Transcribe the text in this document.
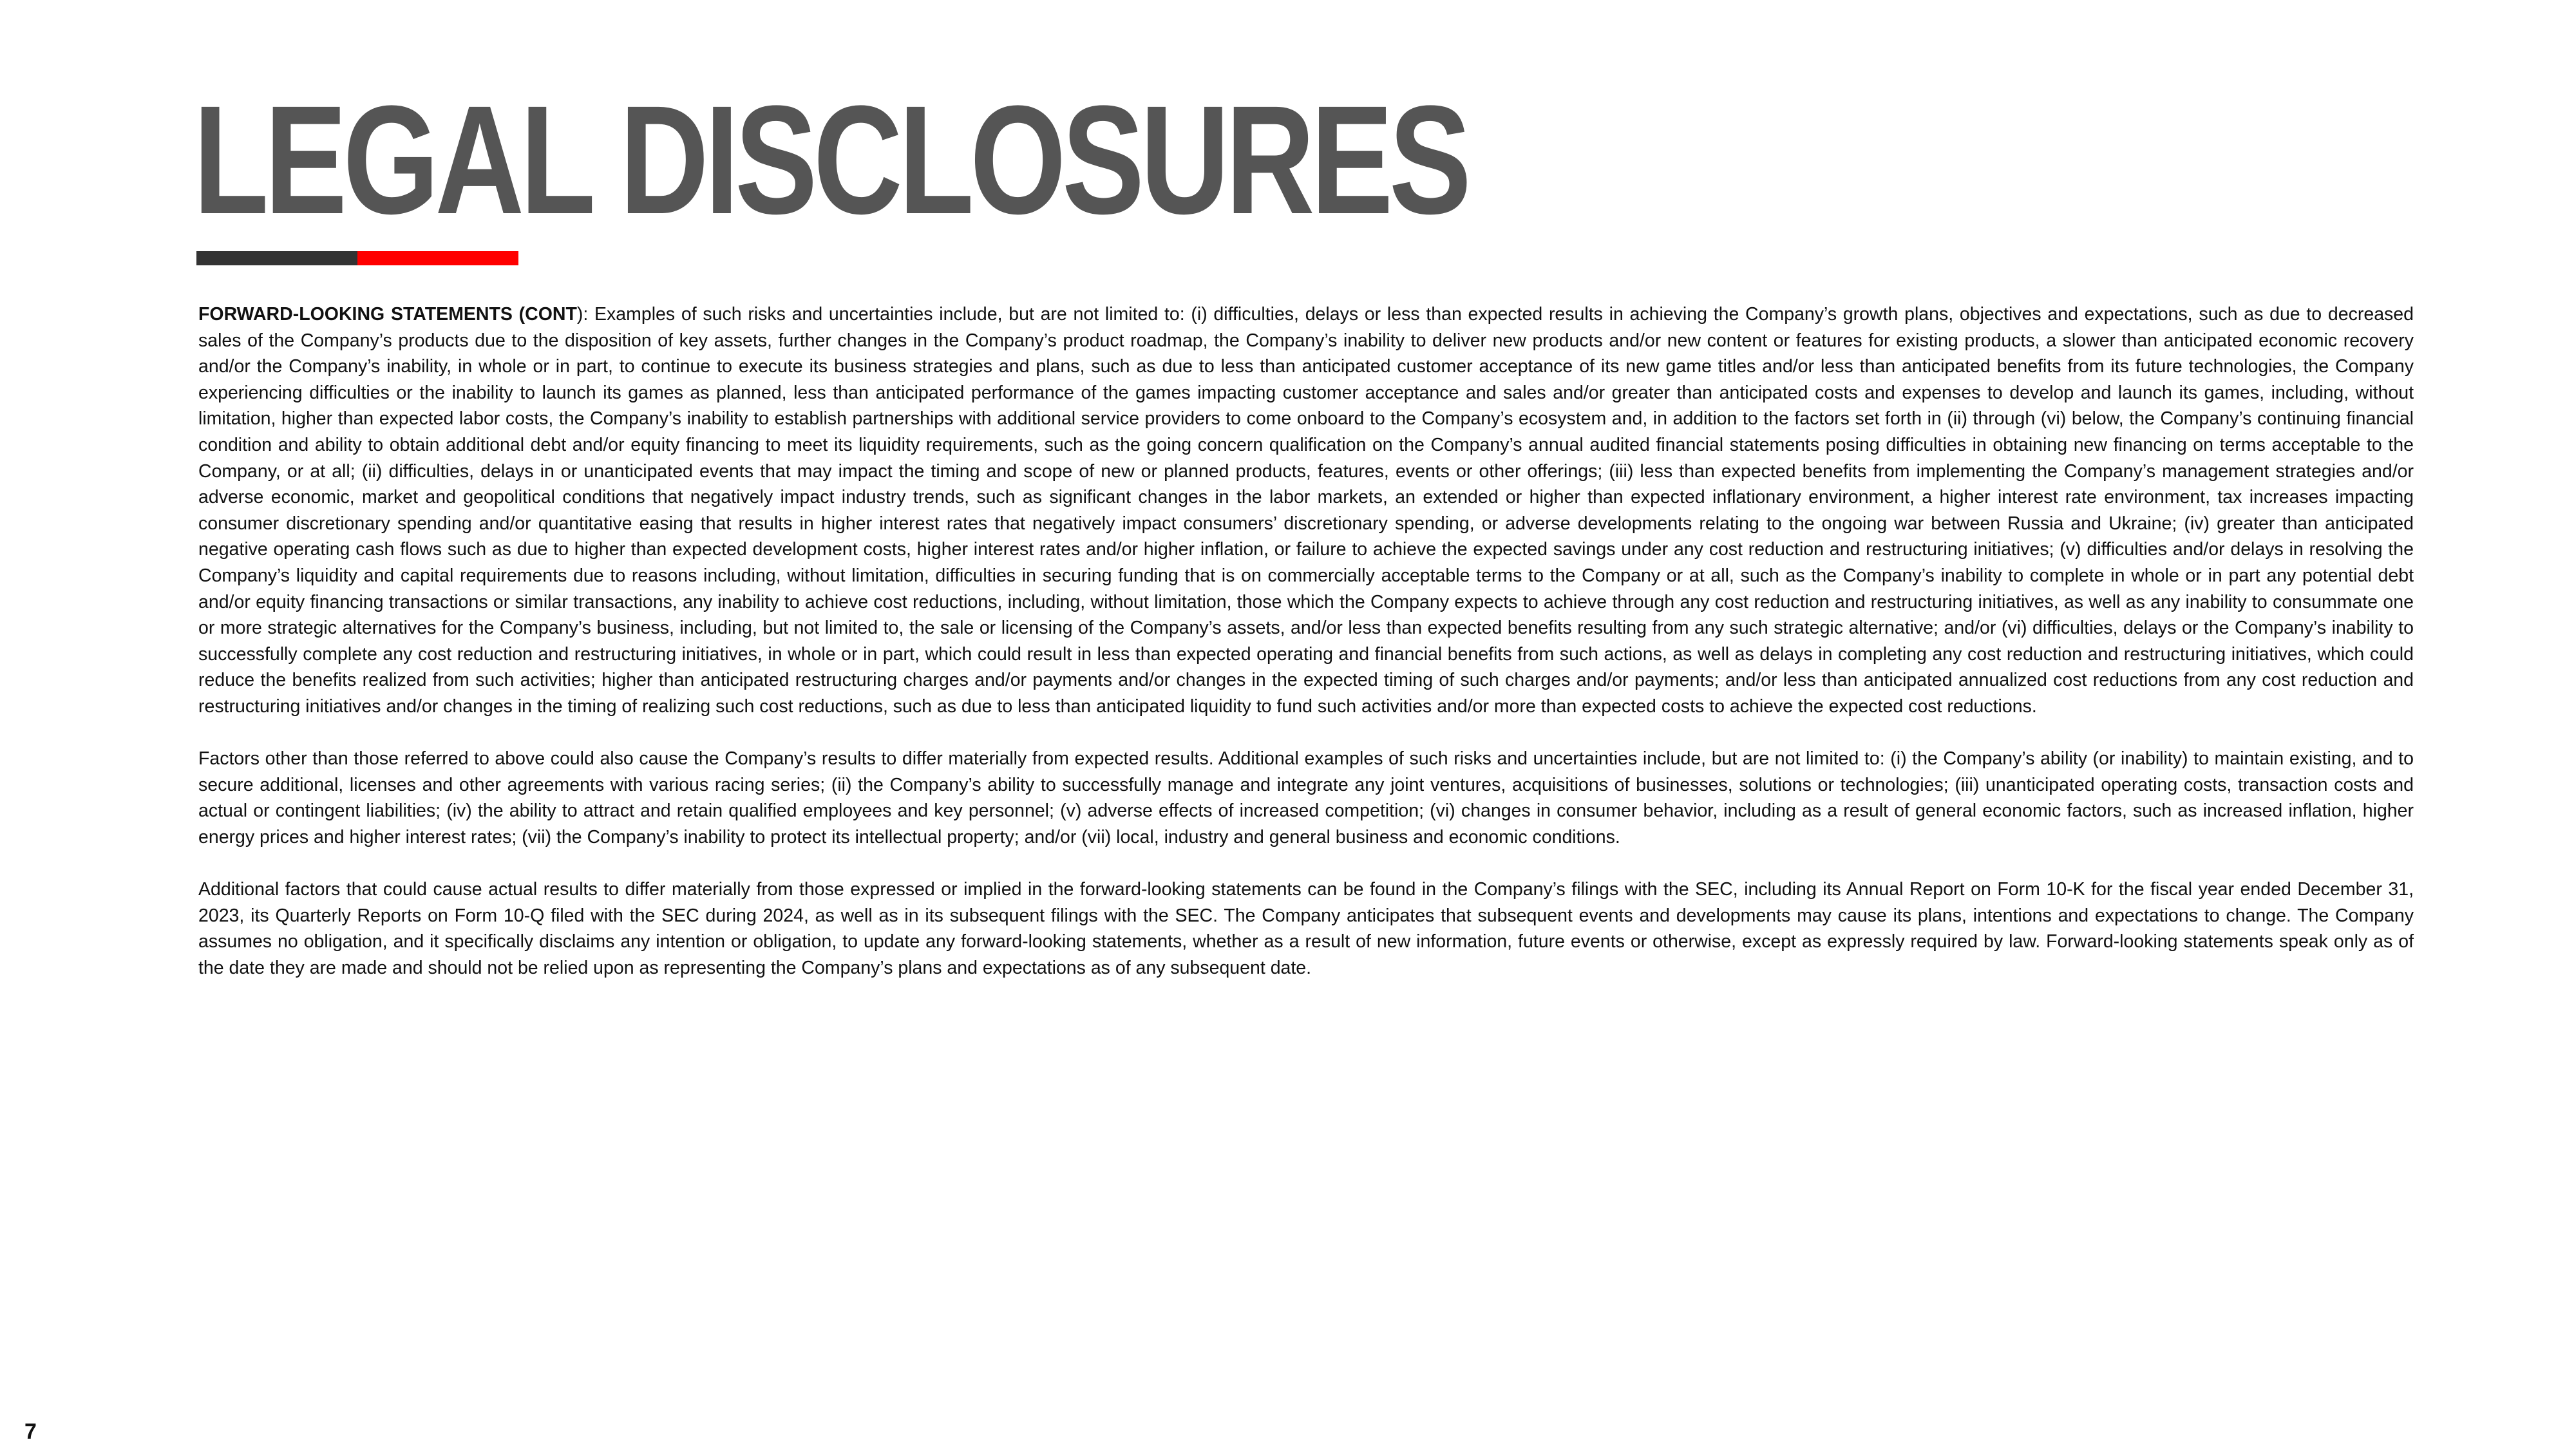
LEGAL DISCLOSURES

FORWARD-LOOKING STATEMENTS (CONT): Examples of such risks and uncertainties include, but are not limited to: (i) difficulties, delays or less than expected results in achieving the Company’s growth plans, objectives and expectations, such as due to decreased sales of the Company’s products due to the disposition of key assets, further changes in the Company’s product roadmap, the Company’s inability to deliver new products and/or new content or features for existing products, a slower than anticipated economic recovery and/or the Company’s inability, in whole or in part, to continue to execute its business strategies and plans, such as due to less than anticipated customer acceptance of its new game titles and/or less than anticipated benefits from its future technologies, the Company experiencing difficulties or the inability to launch its games as planned, less than anticipated performance of the games impacting customer acceptance and sales and/or greater than anticipated costs and expenses to develop and launch its games, including, without limitation, higher than expected labor costs, the Company’s inability to establish partnerships with additional service providers to come onboard to the Company’s ecosystem and, in addition to the factors set forth in (ii) through (vi) below, the Company’s continuing financial condition and ability to obtain additional debt and/or equity financing to meet its liquidity requirements, such as the going concern qualification on the Company’s annual audited financial statements posing difficulties in obtaining new financing on terms acceptable to the Company, or at all; (ii) difficulties, delays in or unanticipated events that may impact the timing and scope of new or planned products, features, events or other offerings; (iii) less than expected benefits from implementing the Company’s management strategies and/or adverse economic, market and geopolitical conditions that negatively impact industry trends, such as significant changes in the labor markets, an extended or higher than expected inflationary environment, a higher interest rate environment, tax increases impacting consumer discretionary spending and/or quantitative easing that results in higher interest rates that negatively impact consumers’ discretionary spending, or adverse developments relating to the ongoing war between Russia and Ukraine; (iv) greater than anticipated negative operating cash flows such as due to higher than expected development costs, higher interest rates and/or higher inflation, or failure to achieve the expected savings under any cost reduction and restructuring initiatives; (v) difficulties and/or delays in resolving the Company’s liquidity and capital requirements due to reasons including, without limitation, difficulties in securing funding that is on commercially acceptable terms to the Company or at all, such as the Company’s inability to complete in whole or in part any potential debt and/or equity financing transactions or similar transactions, any inability to achieve cost reductions, including, without limitation, those which the Company expects to achieve through any cost reduction and restructuring initiatives, as well as any inability to consummate one or more strategic alternatives for the Company’s business, including, but not limited to, the sale or licensing of the Company’s assets, and/or less than expected benefits resulting from any such strategic alternative; and/or (vi) difficulties, delays or the Company’s inability to successfully complete any cost reduction and restructuring initiatives, in whole or in part, which could result in less than expected operating and financial benefits from such actions, as well as delays in completing any cost reduction and restructuring initiatives, which could reduce the benefits realized from such activities; higher than anticipated restructuring charges and/or payments and/or changes in the expected timing of such charges and/or payments; and/or less than anticipated annualized cost reductions from any cost reduction and restructuring initiatives and/or changes in the timing of realizing such cost reductions, such as due to less than anticipated liquidity to fund such activities and/or more than expected costs to achieve the expected cost reductions.

Factors other than those referred to above could also cause the Company’s results to differ materially from expected results. Additional examples of such risks and uncertainties include, but are not limited to: (i) the Company’s ability (or inability) to maintain existing, and to secure additional, licenses and other agreements with various racing series; (ii) the Company’s ability to successfully manage and integrate any joint ventures, acquisitions of businesses, solutions or technologies; (iii) unanticipated operating costs, transaction costs and actual or contingent liabilities; (iv) the ability to attract and retain qualified employees and key personnel; (v) adverse effects of increased competition; (vi) changes in consumer behavior, including as a result of general economic factors, such as increased inflation, higher energy prices and higher interest rates; (vii) the Company’s inability to protect its intellectual property; and/or (vii) local, industry and general business and economic conditions.

Additional factors that could cause actual results to differ materially from those expressed or implied in the forward-looking statements can be found in the Company’s filings with the SEC, including its Annual Report on Form 10-K for the fiscal year ended December 31, 2023, its Quarterly Reports on Form 10-Q filed with the SEC during 2024, as well as in its subsequent filings with the SEC. The Company anticipates that subsequent events and developments may cause its plans, intentions and expectations to change. The Company assumes no obligation, and it specifically disclaims any intention or obligation, to update any forward-looking statements, whether as a result of new information, future events or otherwise, except as expressly required by law. Forward-looking statements speak only as of the date they are made and should not be relied upon as representing the Company’s plans and expectations as of any subsequent date.

7
